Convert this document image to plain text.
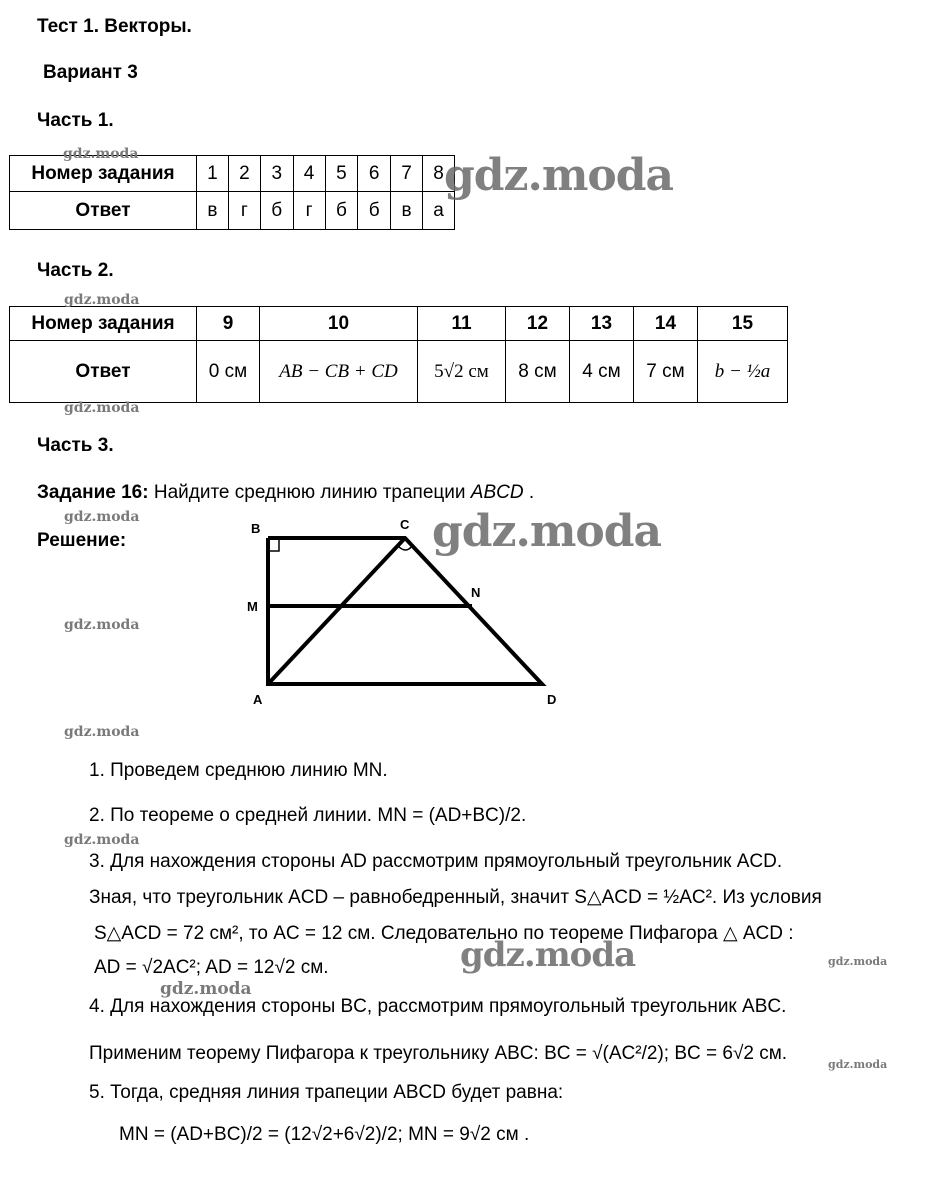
Тест 1. Векторы.
Вариант 3
Часть 1.
Номер задания	1	2	3	4	5	6	7	8
Ответ	в	г	б	г	б	б	в	а
Часть 2.
Номер задания	9	10	11	12	13	14	15
Ответ	0 см	AB − CB + CD	5√2 см	8 см	4 см	7 см	b − ½a
Часть 3.
Задание 16: Найдите среднюю линию трапеции ABCD .
Решение:
B	C
M
N
A	D
1. Проведем среднюю линию MN.
2. По теореме о средней линии. MN = (AD+BC)/2.
3. Для нахождения стороны AD рассмотрим прямоугольный треугольник ACD.
Зная, что треугольник ACD – равнобедренный, значит S△ACD = ½AC². Из условия
S△ACD = 72 см², то AC = 12 см. Следовательно по теореме Пифагора △ ACD :
AD = √2AC²; AD = 12√2 см.
4. Для нахождения стороны BC, рассмотрим прямоугольный треугольник ABC.
Применим теорему Пифагора к треугольнику ABC: BC = √(AC²/2); BC = 6√2 см.
5. Тогда, средняя линия трапеции ABCD будет равна:
MN = (AD+BC)/2 = (12√2+6√2)/2; MN = 9√2 см .
gdz.moda	gdz.moda
gdz.moda
gdz.moda
gdz.moda	gdz.moda
gdz.moda
gdz.moda
gdz.moda
gdz.moda	gdz.moda
gdz.moda
gdz.moda
